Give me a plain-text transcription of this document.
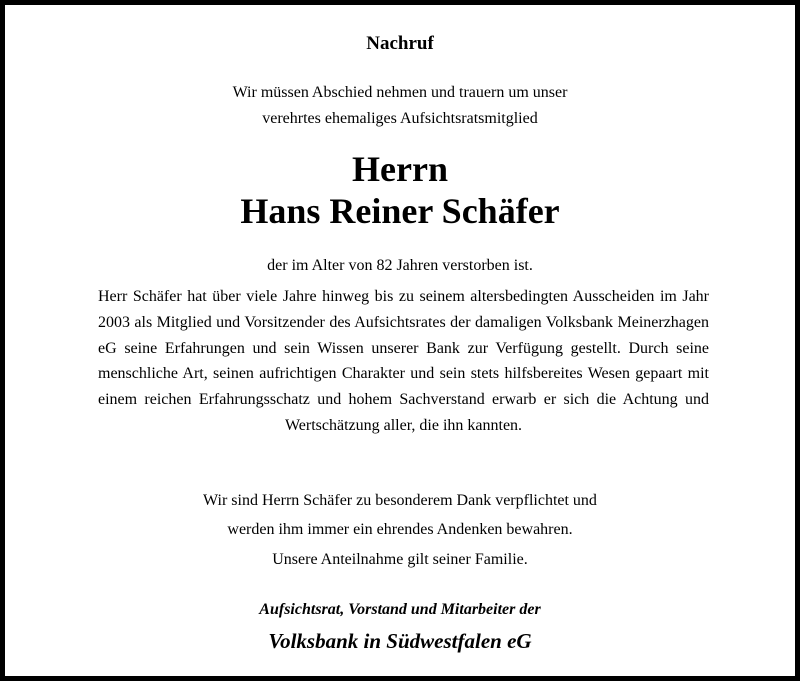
Nachruf
Wir müssen Abschied nehmen und trauern um unser
verehrtes ehemaliges Aufsichtsratsmitglied
Herrn
Hans Reiner Schäfer
der im Alter von 82 Jahren verstorben ist.
Herr Schäfer hat über viele Jahre hinweg bis zu seinem altersbedingten Ausscheiden im Jahr 2003 als Mitglied und Vorsitzender des Aufsichtsrates der damaligen Volksbank Meinerzhagen eG seine Erfahrungen und sein Wissen unserer Bank zur Verfügung gestellt. Durch seine menschliche Art, seinen aufrichtigen Charakter und sein stets hilfsbereites Wesen gepaart mit einem reichen Erfahrungsschatz und hohem Sachverstand erwarb er sich die Achtung und Wertschätzung aller, die ihn kannten.
Wir sind Herrn Schäfer zu besonderem Dank verpflichtet und
werden ihm immer ein ehrendes Andenken bewahren.
Unsere Anteilnahme gilt seiner Familie.
Aufsichtsrat, Vorstand und Mitarbeiter der
Volksbank in Südwestfalen eG
